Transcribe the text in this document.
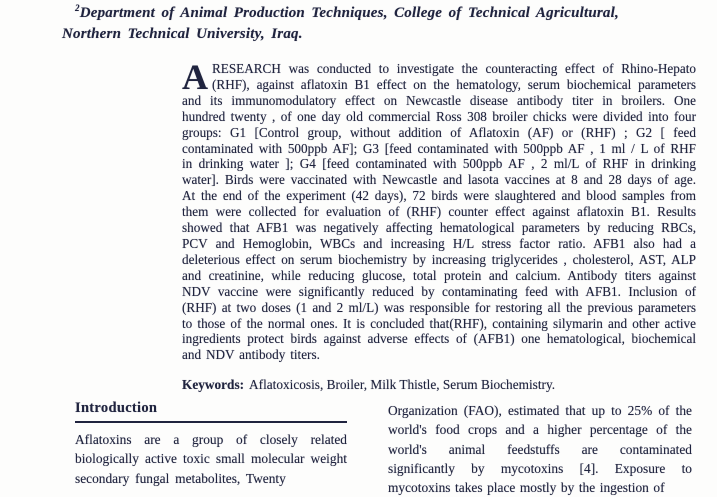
$^2$Department of Animal Production Techniques, College of Technical Agricultural,
Northern Technical University, Iraq.

ARESEARCH was conducted to investigate the counteracting effect of Rhino-Hepato (RHF), against aflatoxin B1 effect on the hematology, serum biochemical parameters and its immunomodulatory effect on Newcastle disease antibody titer in broilers. One hundred twenty , of one day old commercial Ross 308 broiler chicks were divided into four groups: G1 [Control group, without addition of Aflatoxin (AF) or (RHF) ; G2 [ feed contaminated with 500ppb AF]; G3 [feed contaminated with 500ppb AF , 1 ml / L of RHF in drinking water ]; G4 [feed contaminated with 500ppb AF , 2 ml/L of RHF in drinking water]. Birds were vaccinated with Newcastle and lasota vaccines at 8 and 28 days of age. At the end of the experiment (42 days), 72 birds were slaughtered and blood samples from them were collected for evaluation of (RHF) counter effect against aflatoxin B1. Results showed that AFB1 was negatively affecting hematological parameters by reducing RBCs, PCV and Hemoglobin, WBCs and increasing H/L stress factor ratio. AFB1 also had a deleterious effect on serum biochemistry by increasing triglycerides , cholesterol, AST, ALP and creatinine, while reducing glucose, total protein and calcium. Antibody titers against NDV vaccine were significantly reduced by contaminating feed with AFB1. Inclusion of (RHF) at two doses (1 and 2 ml/L) was responsible for restoring all the previous parameters to those of the normal ones. It is concluded that(RHF), containing silymarin and other active ingredients protect birds against adverse effects of (AFB1) one hematological, biochemical and NDV antibody titers.

Keywords: Aflatoxicosis, Broiler, Milk Thistle, Serum Biochemistry.

Introduction

Aflatoxins are a group of closely related biologically active toxic small molecular weight secondary fungal metabolites, Twenty

Organization (FAO), estimated that up to 25% of the world's food crops and a higher percentage of the world's animal feedstuffs are contaminated significantly by mycotoxins [4]. Exposure to mycotoxins takes place mostly by the ingestion of
